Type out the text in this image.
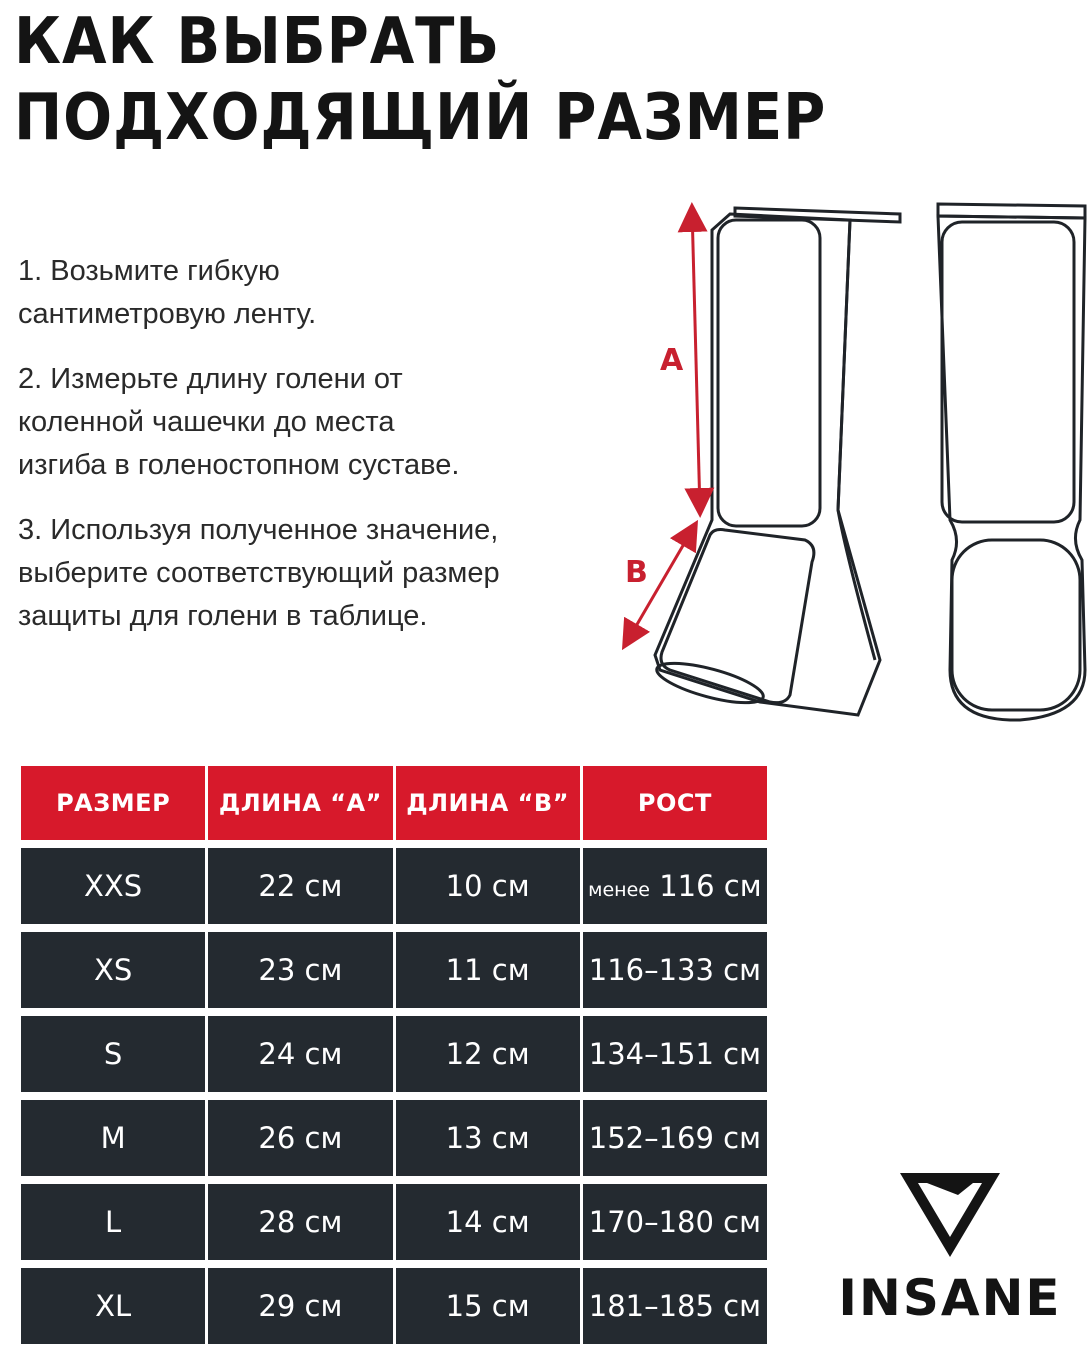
КАК ВЫБРАТЬ
ПОДХОДЯЩИЙ РАЗМЕР

1. Возьмите гибкую
сантиметровую ленту.

2. Измерьте длину голени от
коленной чашечки до места
изгиба в голеностопном суставе.

3. Используя полученное значение,
выберите соответствующий размер
защиты для голени в таблице.

A
B
РАЗМЕР	ДЛИНА “А”	ДЛИНА “B”	РОСТ
XXS	22 см	10 см	менее 116 см
XS	23 см	11 см	116–133 см
S	24 см	12 см	134–151 см
M	26 см	13 см	152–169 см
L	28 см	14 см	170–180 см
XL	29 см	15 см	181–185 см INSANE
